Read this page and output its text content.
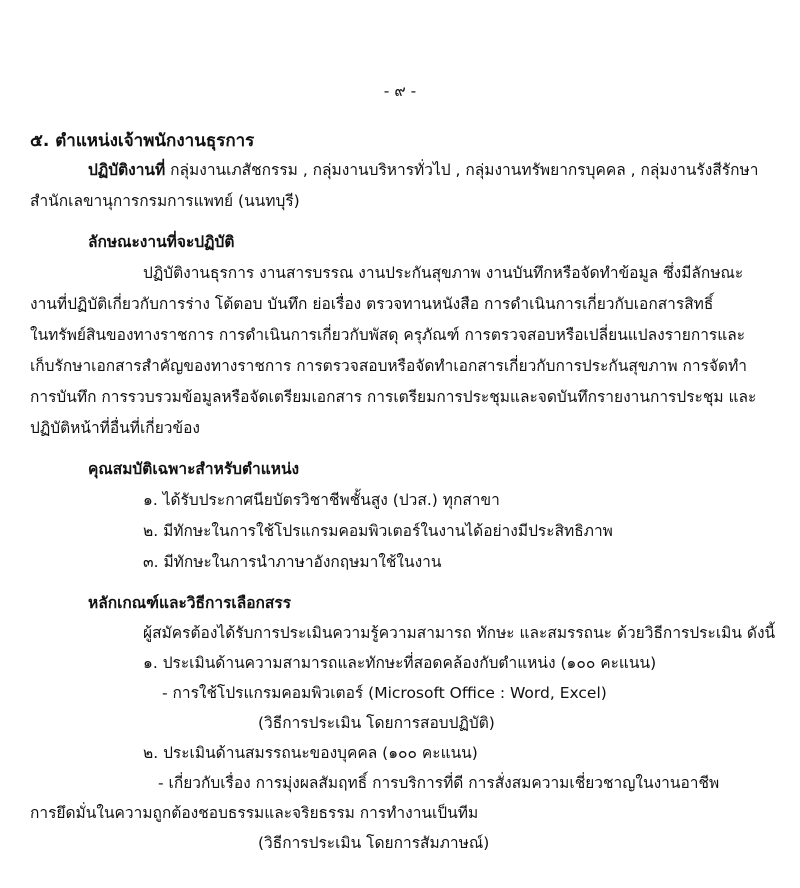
- ๙ -
๕. ตำแหน่งเจ้าพนักงานธุรการ
ปฏิบัติงานที่ กลุ่มงานเภสัชกรรม , กลุ่มงานบริหารทั่วไป , กลุ่มงานทรัพยากรบุคคล , กลุ่มงานรังสีรักษา
สำนักเลขานุการกรมการแพทย์ (นนทบุรี)
ลักษณะงานที่จะปฏิบัติ
ปฏิบัติงานธุรการ งานสารบรรณ งานประกันสุขภาพ งานบันทึกหรือจัดทำข้อมูล ซึ่งมีลักษณะ
งานที่ปฏิบัติเกี่ยวกับการร่าง โต้ตอบ บันทึก ย่อเรื่อง ตรวจทานหนังสือ การดำเนินการเกี่ยวกับเอกสารสิทธิ์
ในทรัพย์สินของทางราชการ การดำเนินการเกี่ยวกับพัสดุ ครุภัณฑ์ การตรวจสอบหรือเปลี่ยนแปลงรายการและ
เก็บรักษาเอกสารสำคัญของทางราชการ การตรวจสอบหรือจัดทำเอกสารเกี่ยวกับการประกันสุขภาพ การจัดทำ
การบันทึก การรวบรวมข้อมูลหรือจัดเตรียมเอกสาร การเตรียมการประชุมและจดบันทึกรายงานการประชุม และ
ปฏิบัติหน้าที่อื่นที่เกี่ยวข้อง
คุณสมบัติเฉพาะสำหรับตำแหน่ง
๑. ได้รับประกาศนียบัตรวิชาชีพชั้นสูง (ปวส.) ทุกสาขา
๒. มีทักษะในการใช้โปรแกรมคอมพิวเตอร์ในงานได้อย่างมีประสิทธิภาพ
๓. มีทักษะในการนำภาษาอังกฤษมาใช้ในงาน
หลักเกณฑ์และวิธีการเลือกสรร
ผู้สมัครต้องได้รับการประเมินความรู้ความสามารถ ทักษะ และสมรรถนะ ด้วยวิธีการประเมิน ดังนี้
๑. ประเมินด้านความสามารถและทักษะที่สอดคล้องกับตำแหน่ง (๑๐๐ คะแนน)
- การใช้โปรแกรมคอมพิวเตอร์ (Microsoft Office : Word, Excel)
(วิธีการประเมิน โดยการสอบปฏิบัติ)
๒. ประเมินด้านสมรรถนะของบุคคล (๑๐๐ คะแนน)
- เกี่ยวกับเรื่อง การมุ่งผลสัมฤทธิ์ การบริการที่ดี การสั่งสมความเชี่ยวชาญในงานอาชีพ
การยึดมั่นในความถูกต้องชอบธรรมและจริยธรรม การทำงานเป็นทีม
(วิธีการประเมิน โดยการสัมภาษณ์)
